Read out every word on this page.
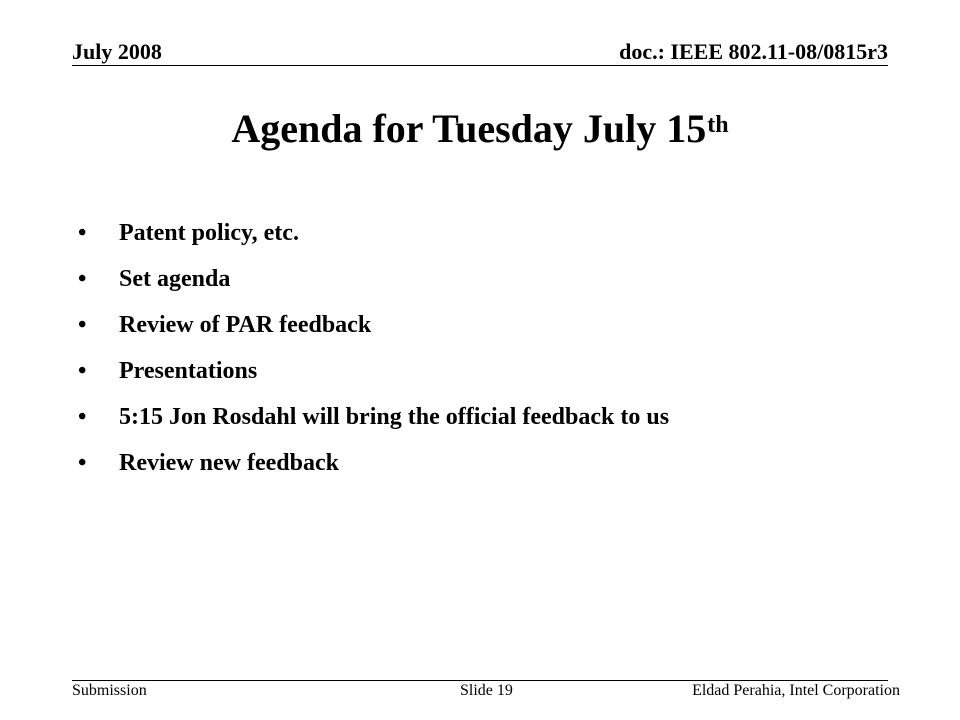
July 2008	doc.: IEEE 802.11-08/0815r3
Agenda for Tuesday July 15th
•	Patent policy, etc.
•	Set agenda
•	Review of PAR feedback
•	Presentations
•	5:15 Jon Rosdahl will bring the official feedback to us
•	Review new feedback
Submission	Slide 19	Eldad Perahia, Intel Corporation
